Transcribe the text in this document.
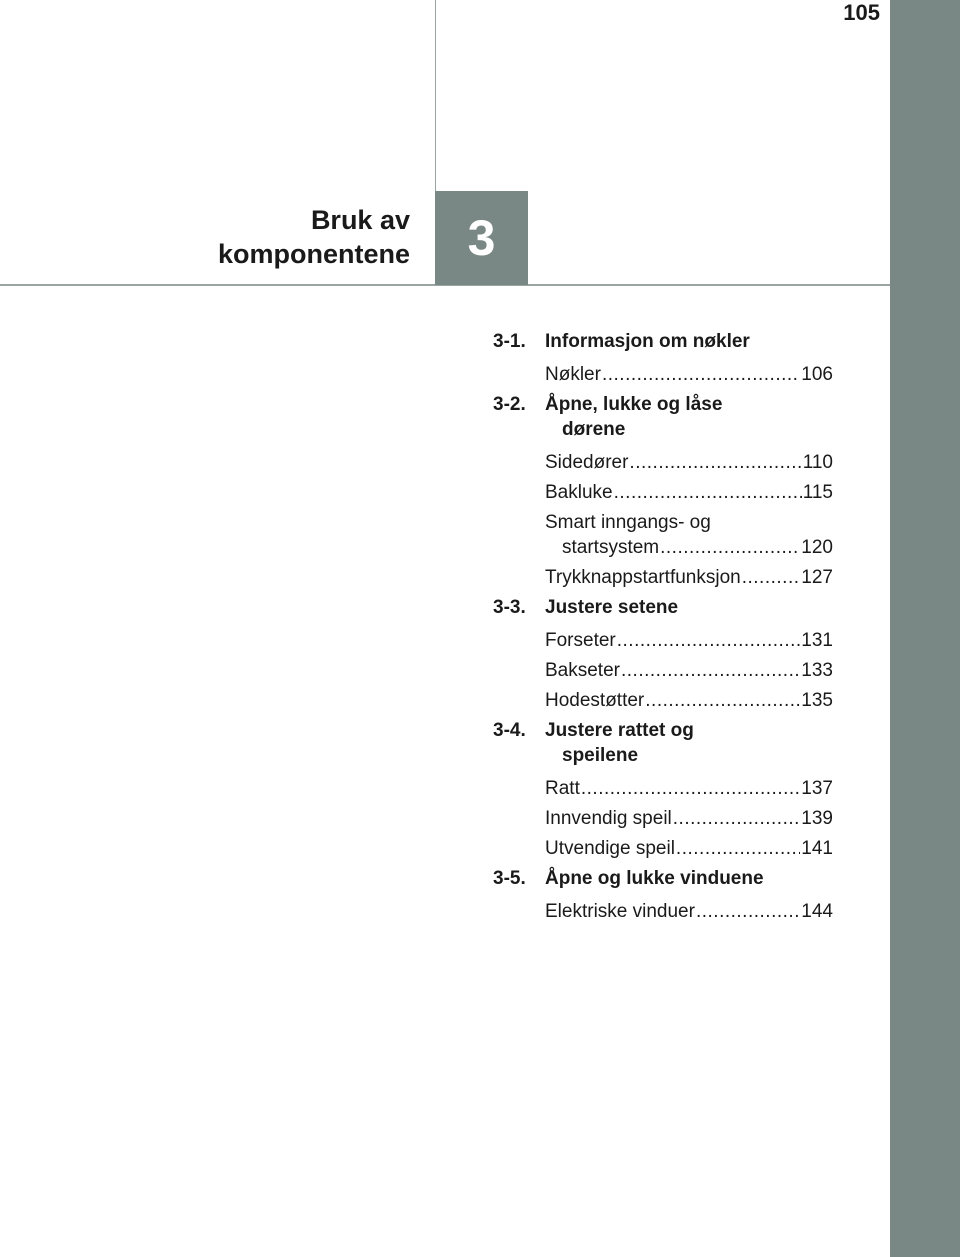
105
Bruk av
komponentene 3
3-1.	Informasjon om nøkler
Nøkler .....	106
3-2.	Åpne, lukke og låse
dørene
Sidedører .....	110
Bakluke .....	115
Smart inngangs- og
startsystem .....	120
Trykknappstartfunksjon .....	127
3-3.	Justere setene
Forseter .....	131
Bakseter .....	133
Hodestøtter .....	135
3-4.	Justere rattet og
speilene
Ratt .....	137
Innvendig speil .....	139
Utvendige speil .....	141
3-5.	Åpne og lukke vinduene
Elektriske vinduer .....	144
